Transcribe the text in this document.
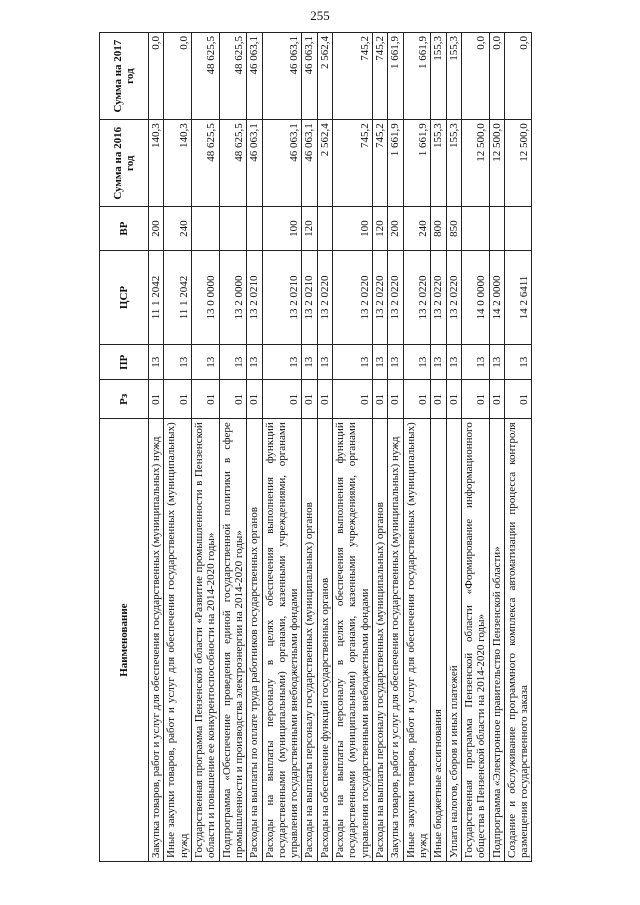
255
Наименование	Рз	ПР	ЦСР	ВР	Сумма на 2016 год	Сумма на 2017 год
Закупка товаров, работ и услуг для обеспечения государственных (муниципальных) нужд	01	13	11 1 2042	200	140,3	0,0
Иные закупки товаров, работ и услуг для обеспечения государственных (муниципальных) нужд	01	13	11 1 2042	240	140,3	0,0
Государственная программа Пензенской области «Развитие промышленности в Пензенской области и повышение ее конкурентоспособности на 2014-2020 годы»	01	13	13 0 0000		48 625,5	48 625,5
Подпрограмма «Обеспечение проведения единой государственной политики в сфере промышленности и производства электроэнергии на 2014-2020 годы»	01	13	13 2 0000		48 625,5	48 625,5
Расходы на выплаты по оплате труда работников государственных органов	01	13	13 2 0210		46 063,1	46 063,1
Расходы на выплаты персоналу в целях обеспечения выполнения функций государственными (муниципальными) органами, казенными учреждениями, органами управления государственными внебюджетными фондами	01	13	13 2 0210	100	46 063,1	46 063,1
Расходы на выплаты персоналу государственных (муниципальных) органов	01	13	13 2 0210	120	46 063,1	46 063,1
Расходы на обеспечение функций государственных органов	01	13	13 2 0220		2 562,4	2 562,4
Расходы на выплаты персоналу в целях обеспечения выполнения функций государственными (муниципальными) органами, казенными учреждениями, органами управления государственными внебюджетными фондами	01	13	13 2 0220	100	745,2	745,2
Расходы на выплаты персоналу государственных (муниципальных) органов	01	13	13 2 0220	120	745,2	745,2
Закупка товаров, работ и услуг для обеспечения государственных (муниципальных) нужд	01	13	13 2 0220	200	1 661,9	1 661,9
Иные закупки товаров, работ и услуг для обеспечения государственных (муниципальных) нужд	01	13	13 2 0220	240	1 661,9	1 661,9
Иные бюджетные ассигнования	01	13	13 2 0220	800	155,3	155,3
Уплата налогов, сборов и иных платежей	01	13	13 2 0220	850	155,3	155,3
Государственная программа Пензенской области «Формирование информационного общества в Пензенской области на 2014-2020 годы»	01	13	14 0 0000		12 500,0	0,0
Подпрограмма «Электронное правительство Пензенской области»	01	13	14 2 0000		12 500,0	0,0
Создание и обслуживание программного комплекса автоматизации процесса контроля размещения государственного заказа	01	13	14 2 6411		12 500,0	0,0
